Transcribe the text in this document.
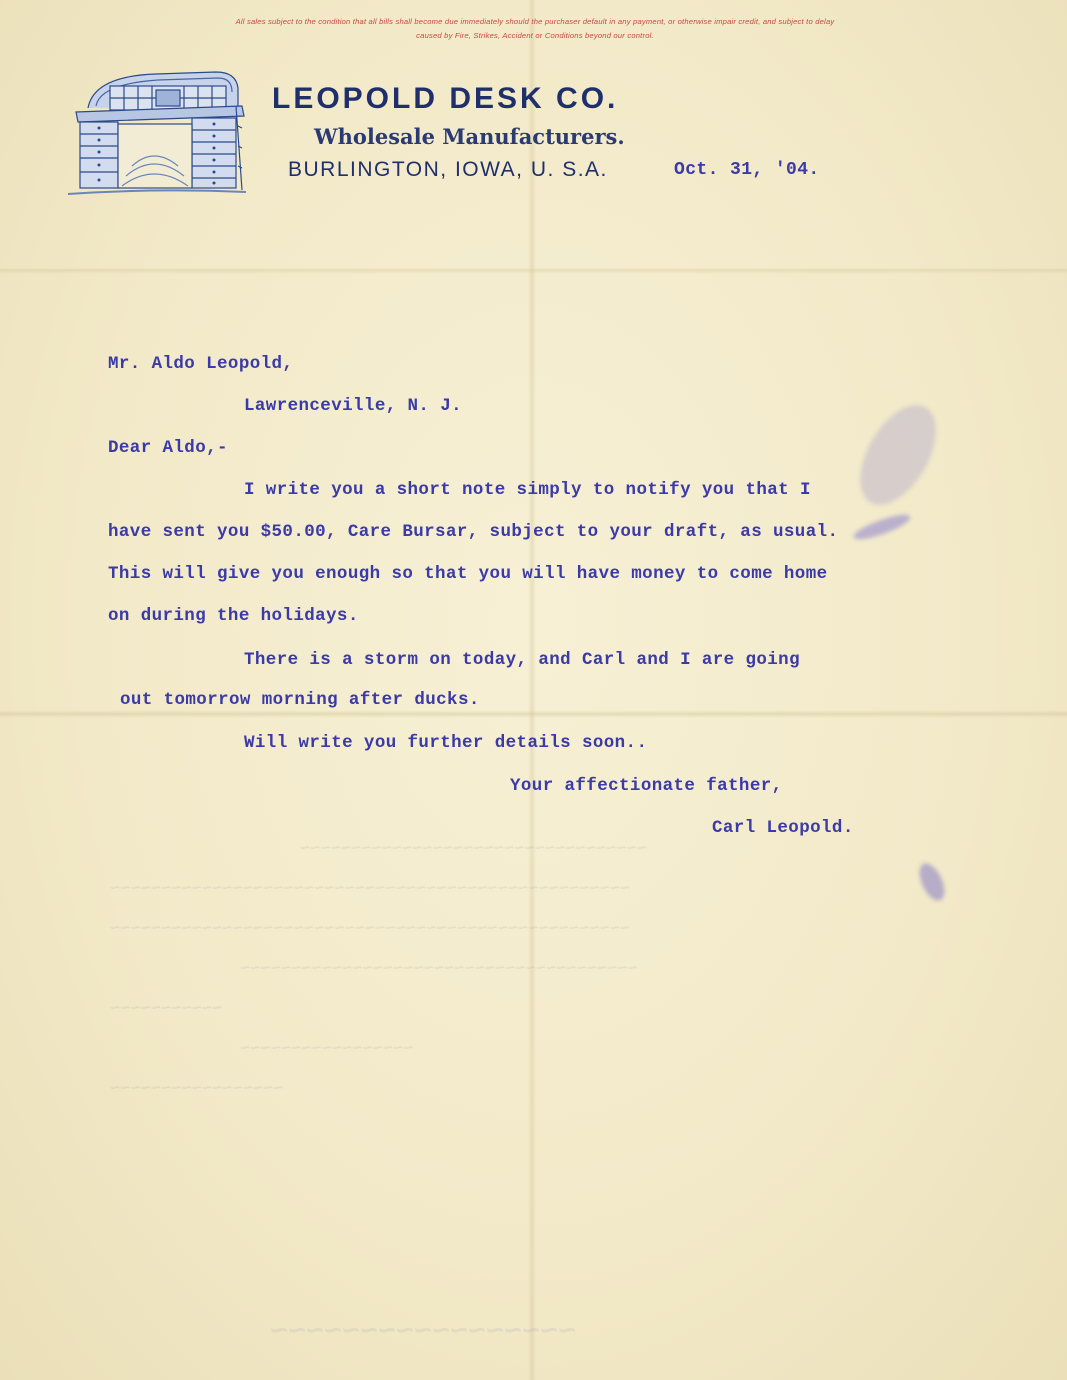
All sales subject to the condition that all bills shall become due immediately should the purchaser default in any payment, or otherwise impair credit, and subject to delay
caused by Fire, Strikes, Accident or Conditions beyond our control.
LEOPOLD DESK CO.
Wholesale Manufacturers.
BURLINGTON, IOWA, U. S.A.	Oct. 31, '04.
~~~~~~~~~~~~~~~~~~~~~~~~~~~~~~~~~~
~~~~~~~~~~~~~~~~~~~~~~~~~~~~~~~~~~~~~~~~~~~~~~~~~~~
~~~~~~~~~~~~~~~~~~~~~~~~~~~~~~~~~~~~~~~~~~~~~~~~~~~
~~~~~~~~~~~~~~~~~~~~~~~~~~~~~~~~~~~~~~~
~~~~~~~~~~~
~~~~~~~~~~~~~~~~~
~~~~~~~~~~~~~~~~~
~~~~~~~~~~~~~~~~~
Mr. Aldo Leopold,
Lawrenceville, N. J.
Dear Aldo,-
I write you a short note simply to notify you that I
have sent you $50.00, Care Bursar, subject to your draft, as usual.
This will give you enough so that you will have money to come home
on during the holidays.
There is a storm on today, and Carl and I are going
out tomorrow morning after ducks.
Will write you further details soon..
Your affectionate father,
Carl Leopold.
